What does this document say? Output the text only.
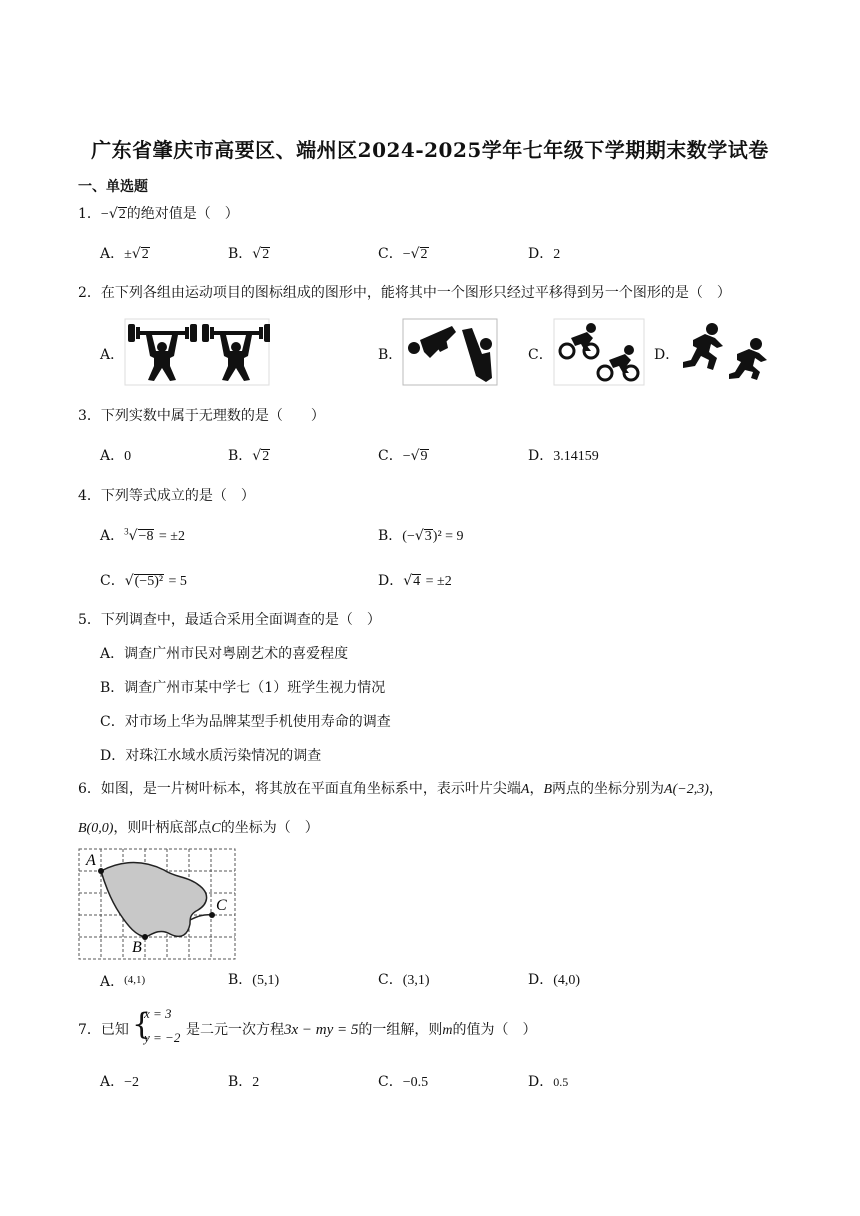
广东省肇庆市高要区、端州区2024-2025学年七年级下学期期末数学试卷
一、单选题
1．−√2的绝对值是（　）
A．±√2	B．√2	C．−√2	D．2
2．在下列各组由运动项目的图标组成的图形中，能将其中一个图形只经过平移得到另一个图形的是（　）
A．	B．	C．	D．
3．下列实数中属于无理数的是（　　）
A．0	B．√2	C．−√9	D．3.14159
4．下列等式成立的是（　）
A．$^3$√−8 = ±2	B．(−√3)² = 9
C．√(−5)² = 5	D．√4 = ±2
5．下列调查中，最适合采用全面调查的是（　）
A．调查广州市民对粤剧艺术的喜爱程度
B．调查广州市某中学七（1）班学生视力情况
C．对市场上华为品牌某型手机使用寿命的调查
D．对珠江水域水质污染情况的调查
6．如图，是一片树叶标本，将其放在平面直角坐标系中，表示叶片尖端A，B两点的坐标分别为A(−2,3)，
B(0,0)，则叶柄底部点C的坐标为（　）
A
B
C
A．$^{(4,1)}$	B．(5,1)	C．(3,1)	D．(4,0)
7．已知 {
x = 3
y = −2 是二元一次方程3x − my = 5的一组解，则m的值为（　）
A．−2	B．2	C．−0.5	D．0.5
